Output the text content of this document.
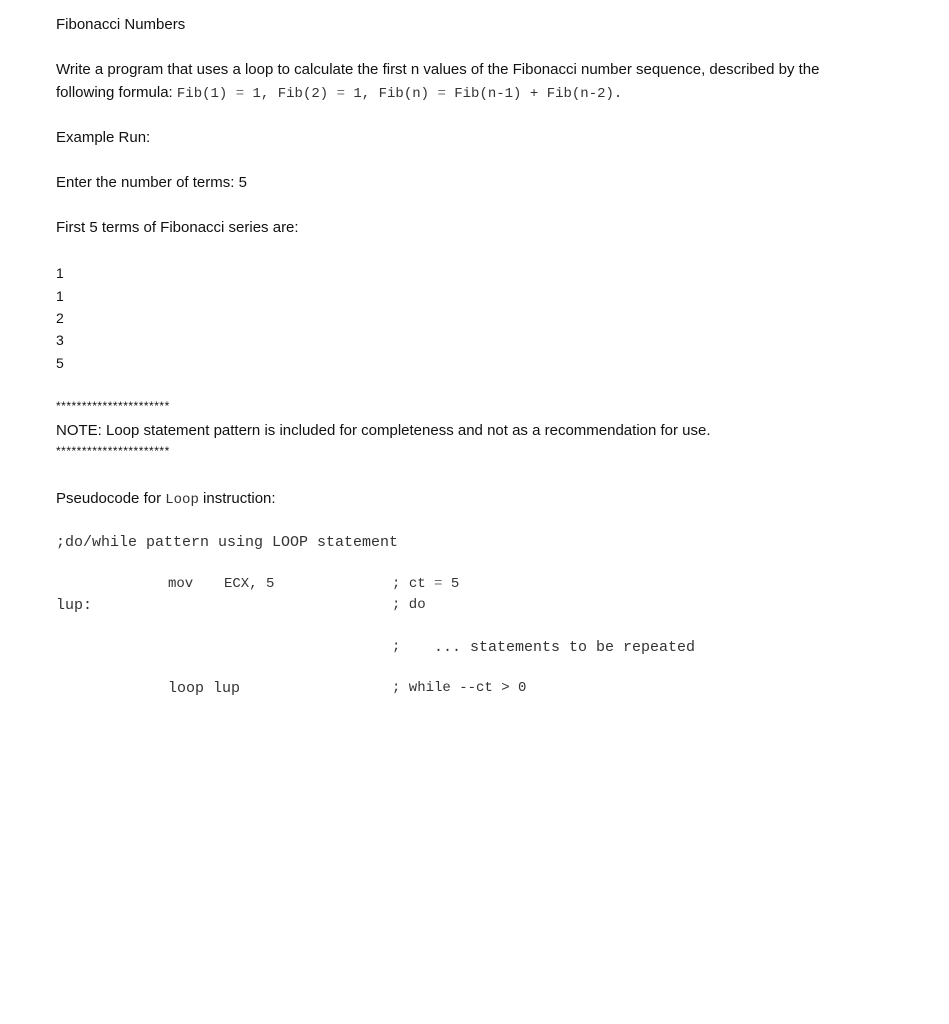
Fibonacci Numbers
Write a program that uses a loop to calculate the first n values of the Fibonacci number sequence, described by the
following formula: Fib(1) = 1, Fib(2) = 1, Fib(n) = Fib(n-1) + Fib(n-2).
Example Run:
Enter the number of terms: 5
First 5 terms of Fibonacci series are:
1
1
2
3
5
**********************
NOTE: Loop statement pattern is included for completeness and not as a recommendation for use.
**********************
Pseudocode for Loop instruction:
;do/while pattern using LOOP statement
mov ECX, 5	; ct = 5
lup:	; do
; ... statements to be repeated
loop lup	; while --ct > 0
